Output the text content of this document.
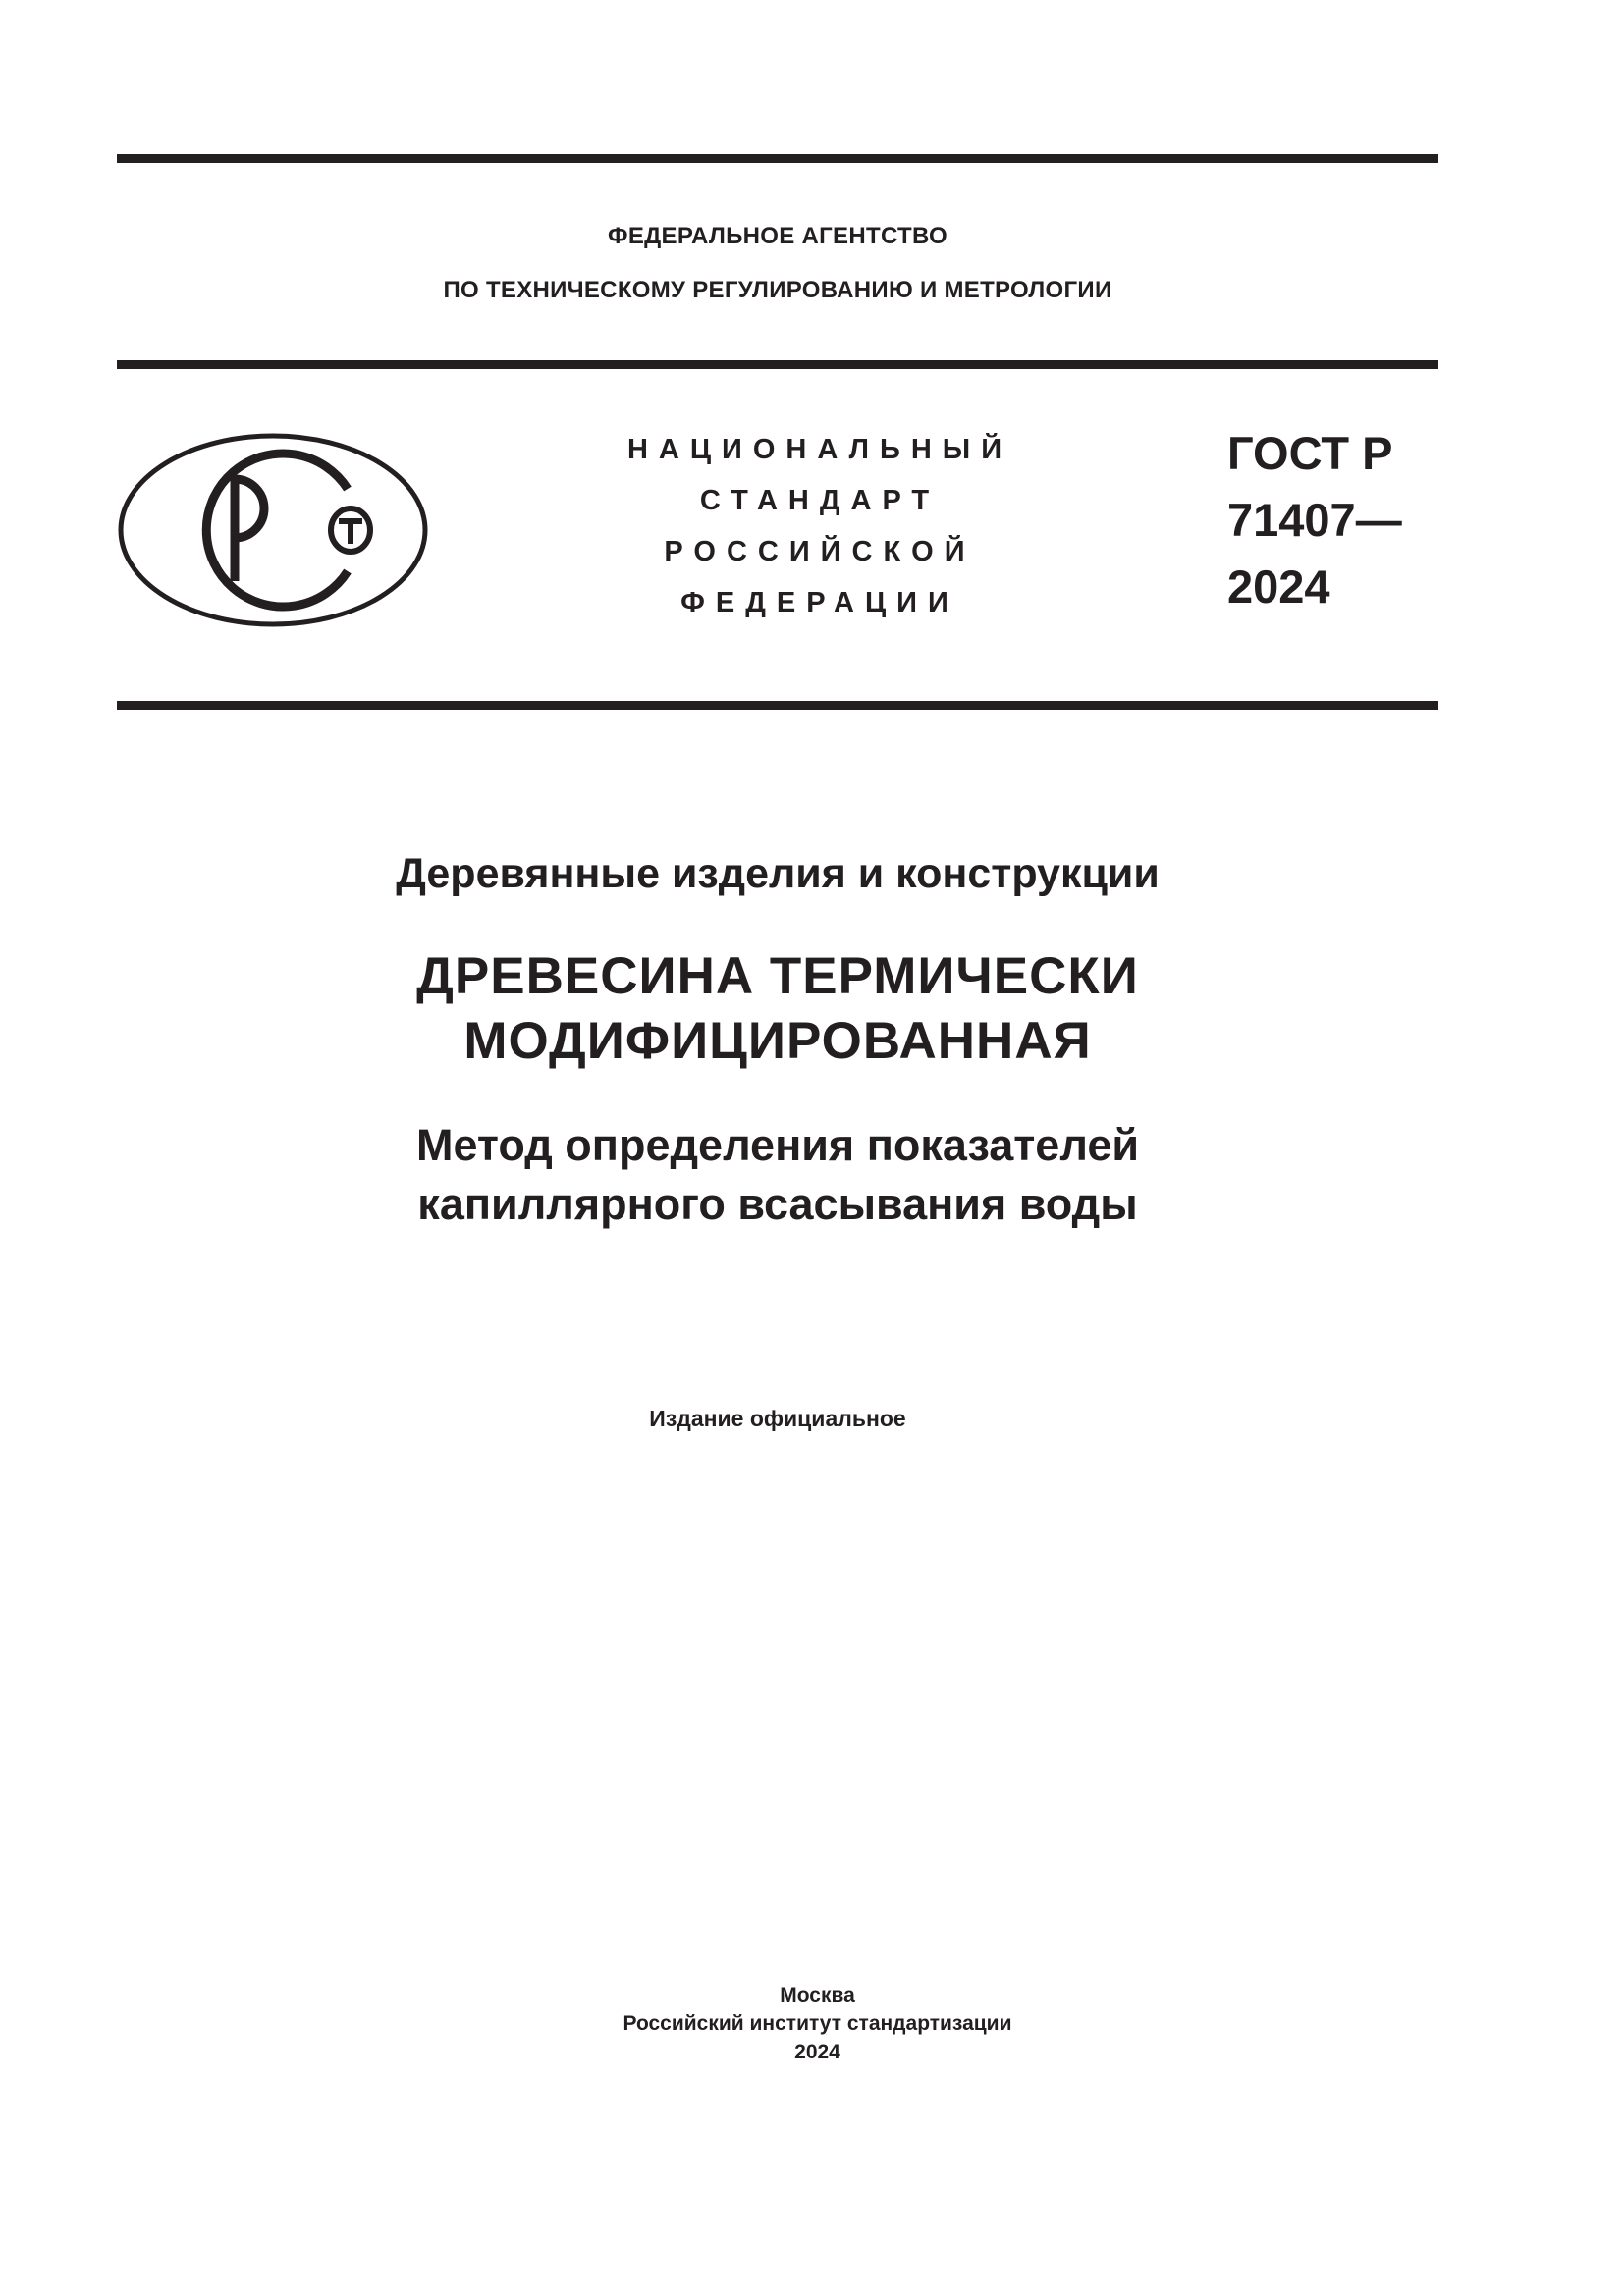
ФЕДЕРАЛЬНОЕ АГЕНТСТВО
ПО ТЕХНИЧЕСКОМУ РЕГУЛИРОВАНИЮ И МЕТРОЛОГИИ
НАЦИОНАЛЬНЫЙ
СТАНДАРТ
РОССИЙСКОЙ
ФЕДЕРАЦИИ
ГОСТ Р
71407—
2024
Деревянные изделия и конструкции
ДРЕВЕСИНА ТЕРМИЧЕСКИ
МОДИФИЦИРОВАННАЯ
Метод определения показателей
капиллярного всасывания воды
Издание официальное
Москва
Российский институт стандартизации
2024
